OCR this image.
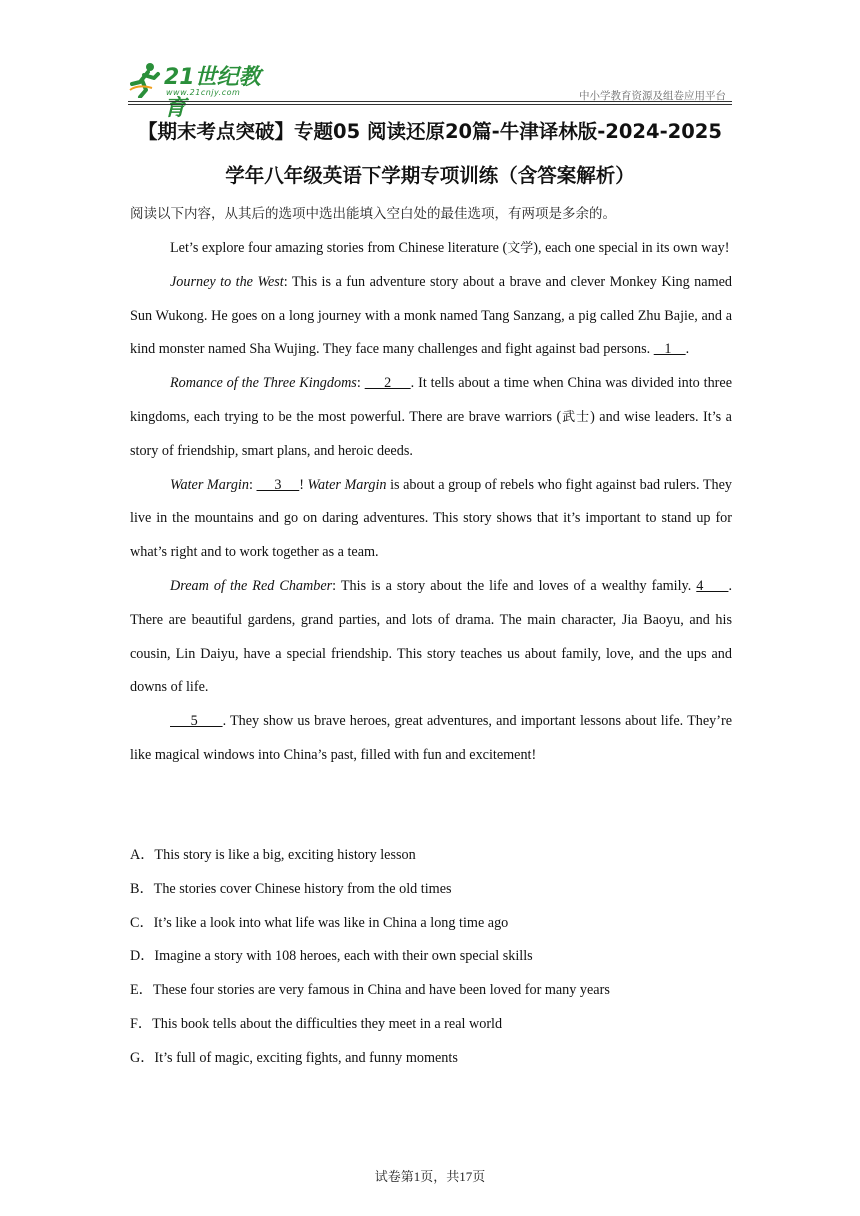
21世纪教育
www.21cnjy.com	中小学教育资源及组卷应用平台
【期末考点突破】专题05 阅读还原20篇-牛津译林版-2024-2025
学年八年级英语下学期专项训练（含答案解析）
阅读以下内容，从其后的选项中选出能填入空白处的最佳选项，有两项是多余的。

Let’s explore four amazing stories from Chinese literature (文学), each one special in its own way!

Journey to the West: This is a fun adventure story about a brave and clever Monkey King named Sun Wukong. He goes on a long journey with a monk named Tang Sanzang, a pig called Zhu Bajie, and a kind monster named Sha Wujing. They face many challenges and fight against bad persons.    1    .

Romance of the Three Kingdoms:      2     . It tells about a time when China was divided into three kingdoms, each trying to be the most powerful. There are brave warriors (武士) and wise leaders. It’s a story of friendship, smart plans, and heroic deeds.

Water Margin:      3     ! Water Margin is about a group of rebels who fight against bad rulers. They live in the mountains and go on daring adventures. This story shows that it’s important to stand up for what’s right and to work together as a team.

Dream of the Red Chamber: This is a story about the life and loves of a wealthy family. 4     . There are beautiful gardens, grand parties, and lots of drama. The main character, Jia Baoyu, and his cousin, Lin Daiyu, have a special friendship. This story teaches us about family, love, and the ups and downs of life.

5      . They show us brave heroes, great adventures, and important lessons about life. They’re like magical windows into China’s past, filled with fun and excitement!

A．This story is like a big, exciting history lesson
B．The stories cover Chinese history from the old times
C．It’s like a look into what life was like in China a long time ago
D．Imagine a story with 108 heroes, each with their own special skills
E．These four stories are very famous in China and have been loved for many years
F．This book tells about the difficulties they meet in a real world
G．It’s full of magic, exciting fights, and funny moments
试卷第1页，共17页
